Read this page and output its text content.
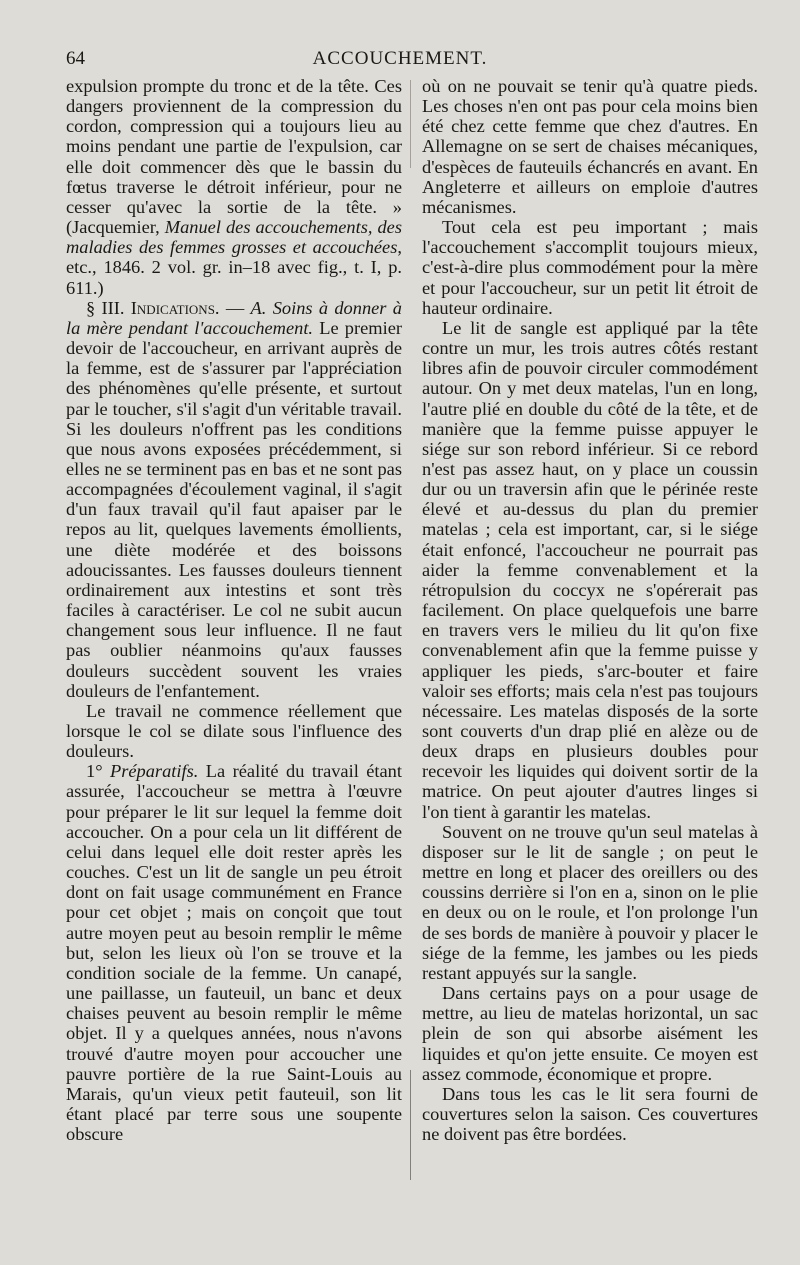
64	ACCOUCHEMENT.

expulsion prompte du tronc et de la tête. Ces dangers proviennent de la compression du cordon, compression qui a toujours lieu au moins pendant une partie de l'expulsion, car elle doit commencer dès que le bassin du fœtus traverse le détroit inférieur, pour ne cesser qu'avec la sortie de la tête. » (Jacquemier, Manuel des accouchements, des maladies des femmes grosses et accouchées, etc., 1846. 2 vol. gr. in–18 avec fig., t. I, p. 611.)

§ III. Indications. — A. Soins à donner à la mère pendant l'accouchement. Le premier devoir de l'accoucheur, en arrivant auprès de la femme, est de s'assurer par l'appréciation des phénomènes qu'elle présente, et surtout par le toucher, s'il s'agit d'un véritable travail. Si les douleurs n'offrent pas les conditions que nous avons exposées précédemment, si elles ne se terminent pas en bas et ne sont pas accompagnées d'écoulement vaginal, il s'agit d'un faux travail qu'il faut apaiser par le repos au lit, quelques lavements émollients, une diète modérée et des boissons adoucissantes. Les fausses douleurs tiennent ordinairement aux intestins et sont très faciles à caractériser. Le col ne subit aucun changement sous leur influence. Il ne faut pas oublier néanmoins qu'aux fausses douleurs succèdent souvent les vraies douleurs de l'enfantement.

Le travail ne commence réellement que lorsque le col se dilate sous l'influence des douleurs.

1° Préparatifs. La réalité du travail étant assurée, l'accoucheur se mettra à l'œuvre pour préparer le lit sur lequel la femme doit accoucher. On a pour cela un lit différent de celui dans lequel elle doit rester après les couches. C'est un lit de sangle un peu étroit dont on fait usage communément en France pour cet objet ; mais on conçoit que tout autre moyen peut au besoin remplir le même but, selon les lieux où l'on se trouve et la condition sociale de la femme. Un canapé, une paillasse, un fauteuil, un banc et deux chaises peuvent au besoin remplir le même objet. Il y a quelques années, nous n'avons trouvé d'autre moyen pour accoucher une pauvre portière de la rue Saint-Louis au Marais, qu'un vieux petit fauteuil, son lit étant placé par terre sous une soupente obscure

où on ne pouvait se tenir qu'à quatre pieds. Les choses n'en ont pas pour cela moins bien été chez cette femme que chez d'autres. En Allemagne on se sert de chaises mécaniques, d'espèces de fauteuils échancrés en avant. En Angleterre et ailleurs on emploie d'autres mécanismes.

Tout cela est peu important ; mais l'accouchement s'accomplit toujours mieux, c'est-à-dire plus commodément pour la mère et pour l'accoucheur, sur un petit lit étroit de hauteur ordinaire.

Le lit de sangle est appliqué par la tête contre un mur, les trois autres côtés restant libres afin de pouvoir circuler commodément autour. On y met deux matelas, l'un en long, l'autre plié en double du côté de la tête, et de manière que la femme puisse appuyer le siége sur son rebord inférieur. Si ce rebord n'est pas assez haut, on y place un coussin dur ou un traversin afin que le périnée reste élevé et au-dessus du plan du premier matelas ; cela est important, car, si le siége était enfoncé, l'accoucheur ne pourrait pas aider la femme convenablement et la rétropulsion du coccyx ne s'opérerait pas facilement. On place quelquefois une barre en travers vers le milieu du lit qu'on fixe convenablement afin que la femme puisse y appliquer les pieds, s'arc-bouter et faire valoir ses efforts; mais cela n'est pas toujours nécessaire. Les matelas disposés de la sorte sont couverts d'un drap plié en alèze ou de deux draps en plusieurs doubles pour recevoir les liquides qui doivent sortir de la matrice. On peut ajouter d'autres linges si l'on tient à garantir les matelas.

Souvent on ne trouve qu'un seul matelas à disposer sur le lit de sangle ; on peut le mettre en long et placer des oreillers ou des coussins derrière si l'on en a, sinon on le plie en deux ou on le roule, et l'on prolonge l'un de ses bords de manière à pouvoir y placer le siége de la femme, les jambes ou les pieds restant appuyés sur la sangle.

Dans certains pays on a pour usage de mettre, au lieu de matelas horizontal, un sac plein de son qui absorbe aisément les liquides et qu'on jette ensuite. Ce moyen est assez commode, économique et propre.

Dans tous les cas le lit sera fourni de couvertures selon la saison. Ces couvertures ne doivent pas être bordées.
